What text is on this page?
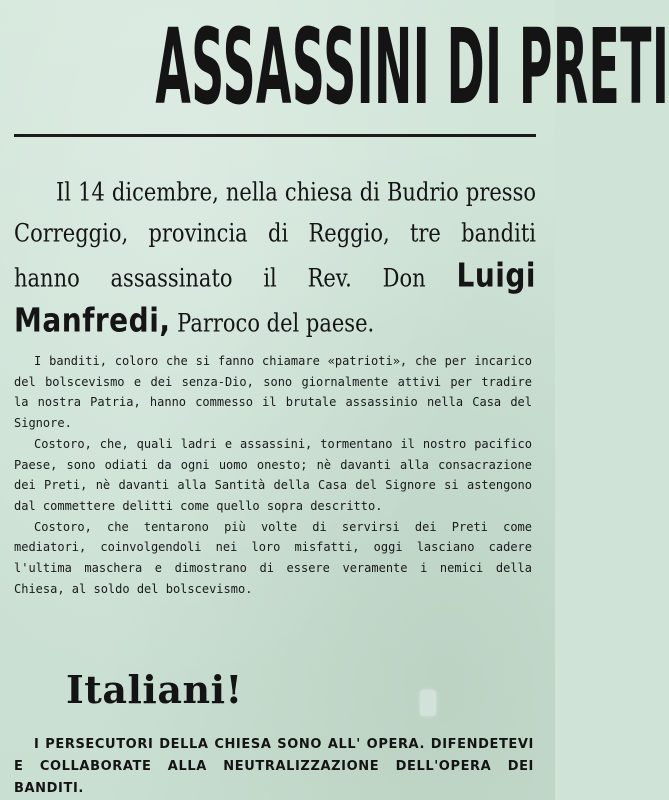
ASSASSINI DI PRETI

Il 14 dicembre, nella chiesa di Budrio presso Correggio, provincia di Reggio, tre banditi hanno assassinato il Rev. Don Luigi Manfredi, Parroco del paese.

I banditi, coloro che si fanno chiamare «patrioti», che per incarico del bolscevismo e dei senza-Dio, sono giornalmente attivi per tradire la nostra Patria, hanno commesso il brutale assassinio nella Casa del Signore.

Costoro, che, quali ladri e assassini, tormentano il nostro pacifico Paese, sono odiati da ogni uomo onesto; nè davanti alla consacrazione dei Preti, nè davanti alla Santità della Casa del Signore si astengono dal commettere delitti come quello sopra descritto.

Costoro, che tentarono più volte di servirsi dei Preti come mediatori, coinvolgendoli nei loro misfatti, oggi lasciano cadere l'ultima maschera e dimostrano di essere veramente i nemici della Chiesa, al soldo del bolscevismo.

Italiani!

I PERSECUTORI DELLA CHIESA SONO ALL' OPERA. DIFENDETEVI E COLLABORATE ALLA NEUTRALIZZAZIONE DELL'OPERA DEI BANDITI.
